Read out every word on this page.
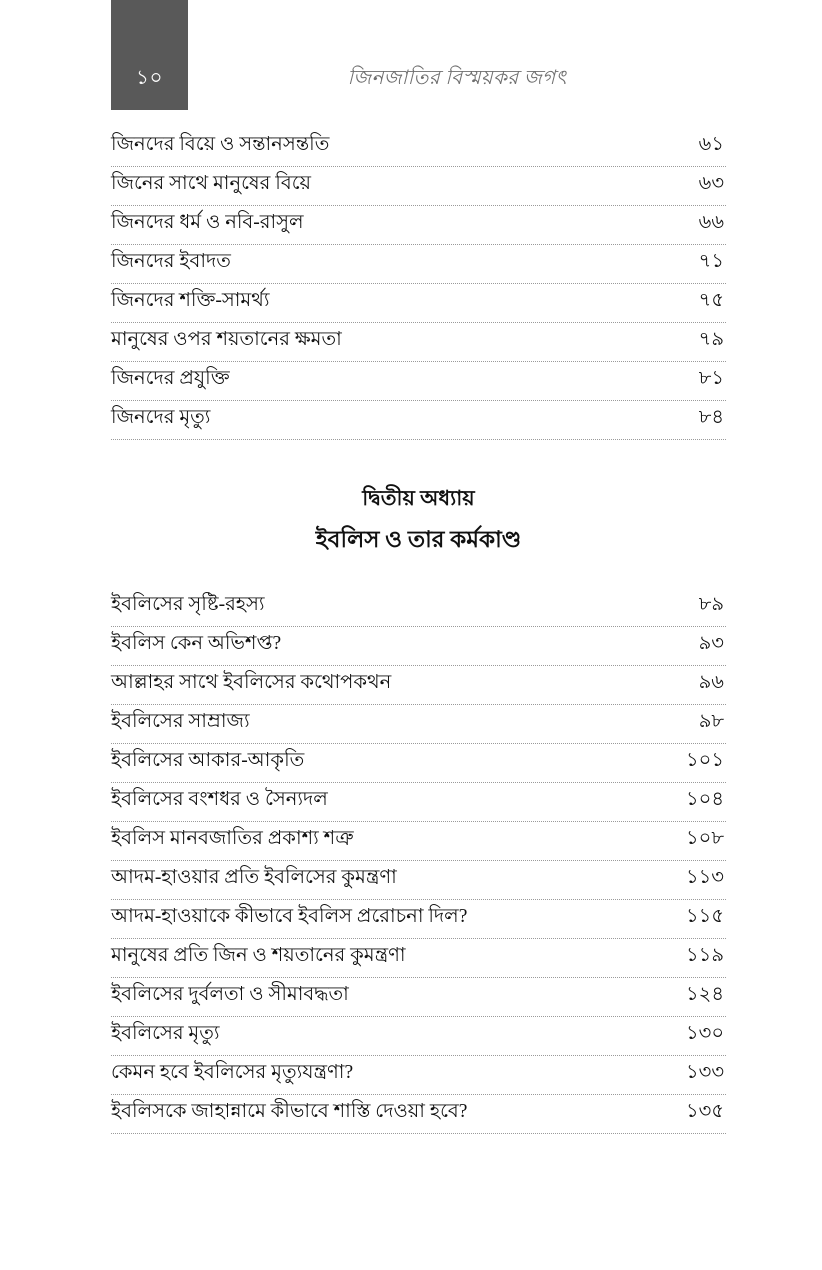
১০	জিনজাতির বিস্ময়কর জগৎ
জিনদের বিয়ে ও সন্তানসন্ততি	৬১
জিনের সাথে মানুষের বিয়ে	৬৩
জিনদের ধর্ম ও নবি-রাসুল	৬৬
জিনদের ইবাদত	৭১
জিনদের শক্তি-সামর্থ্য	৭৫
মানুষের ওপর শয়তানের ক্ষমতা	৭৯
জিনদের প্রযুক্তি	৮১
জিনদের মৃত্যু	৮৪
দ্বিতীয় অধ্যায়
ইবলিস ও তার কর্মকাণ্ড
ইবলিসের সৃষ্টি-রহস্য	৮৯
ইবলিস কেন অভিশপ্ত?	৯৩
আল্লাহর সাথে ইবলিসের কথোপকথন	৯৬
ইবলিসের সাম্রাজ্য	৯৮
ইবলিসের আকার-আকৃতি	১০১
ইবলিসের বংশধর ও সৈন্যদল	১০৪
ইবলিস মানবজাতির প্রকাশ্য শত্রু	১০৮
আদম-হাওয়ার প্রতি ইবলিসের কুমন্ত্রণা	১১৩
আদম-হাওয়াকে কীভাবে ইবলিস প্ররোচনা দিল?	১১৫
মানুষের প্রতি জিন ও শয়তানের কুমন্ত্রণা	১১৯
ইবলিসের দুর্বলতা ও সীমাবদ্ধতা	১২৪
ইবলিসের মৃত্যু	১৩০
কেমন হবে ইবলিসের মৃত্যুযন্ত্রণা?	১৩৩
ইবলিসকে জাহান্নামে কীভাবে শাস্তি দেওয়া হবে?	১৩৫
